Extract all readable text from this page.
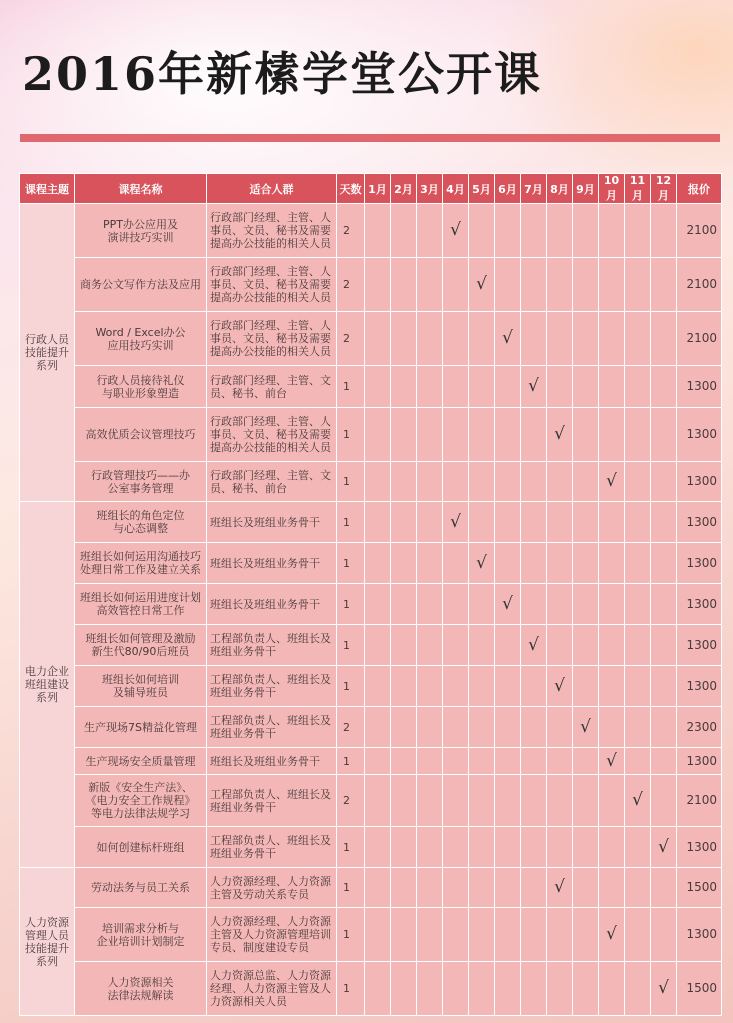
2016年新榡学堂公开课
课程主题	课程名称	适合人群	天数	1月	2月	3月	4月	5月	6月	7月	8月	9月	10月	11月	12月	报价
行政人员
技能提升
系列	PPT办公应用及
演讲技巧实训	行政部门经理、主管、人
事员、文员、秘书及需要
提高办公技能的相关人员	2				√									2100
	商务公文写作方法及应用	行政部门经理、主管、人
事员、文员、秘书及需要
提高办公技能的相关人员	2					√								2100
	Word / Excel办公
应用技巧实训	行政部门经理、主管、人
事员、文员、秘书及需要
提高办公技能的相关人员	2						√							2100
	行政人员接待礼仪
与职业形象塑造	行政部门经理、主管、文
员、秘书、前台	1							√						1300
	高效优质会议管理技巧	行政部门经理、主管、人
事员、文员、秘书及需要
提高办公技能的相关人员	1								√					1300
	行政管理技巧——办
公室事务管理	行政部门经理、主管、文
员、秘书、前台	1										√			1300
电力企业
班组建设
系列	班组长的角色定位
与心态调整	班组长及班组业务骨干	1				√									1300
	班组长如何运用沟通技巧
处理日常工作及建立关系	班组长及班组业务骨干	1					√								1300
	班组长如何运用进度计划
高效管控日常工作	班组长及班组业务骨干	1						√							1300
	班组长如何管理及激励
新生代80/90后班员	工程部负责人、班组长及
班组业务骨干	1							√						1300
	班组长如何培训
及辅导班员	工程部负责人、班组长及
班组业务骨干	1								√					1300
	生产现场7S精益化管理	工程部负责人、班组长及
班组业务骨干	2									√				2300
	生产现场安全质量管理	班组长及班组业务骨干	1										√			1300
	新版《安全生产法》、
《电力安全工作规程》
等电力法律法规学习	工程部负责人、班组长及
班组业务骨干	2											√		2100
	如何创建标杆班组	工程部负责人、班组长及
班组业务骨干	1												√	1300
人力资源
管理人员
技能提升
系列	劳动法务与员工关系	人力资源经理、人力资源
主管及劳动关系专员	1								√					1500
	培训需求分析与
企业培训计划制定	人力资源经理、人力资源
主管及人力资源管理培训
专员、制度建设专员	1										√			1300
	人力资源相关
法律法规解读	人力资源总监、人力资源
经理、人力资源主管及人
力资源相关人员	1												√	1500
